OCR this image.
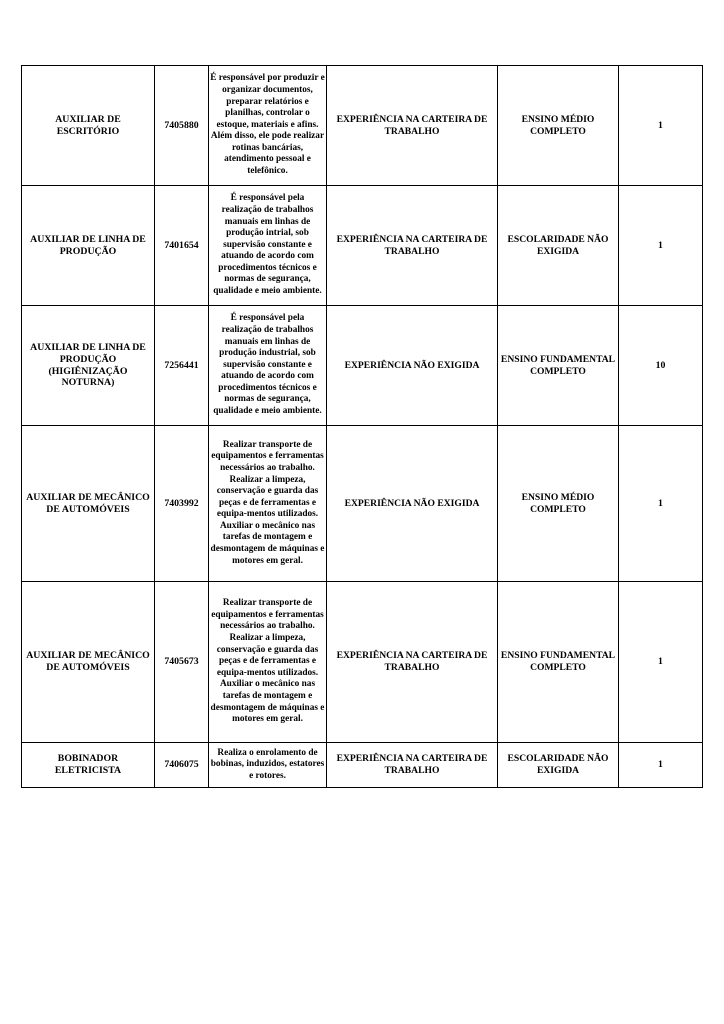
AUXILIAR DE ESCRITÓRIO	7405880	É responsável por produzir e organizar documentos, preparar relatórios e planilhas, controlar o estoque, materiais e afins. Além disso, ele pode realizar rotinas bancárias, atendimento pessoal e telefônico.	EXPERIÊNCIA NA CARTEIRA DE TRABALHO	ENSINO MÉDIO COMPLETO	1
AUXILIAR DE LINHA DE PRODUÇÃO	7401654	É responsável pela realização de trabalhos manuais em linhas de produção intrial, sob supervisão constante e atuando de acordo com procedimentos técnicos e normas de segurança, qualidade e meio ambiente.	EXPERIÊNCIA NA CARTEIRA DE TRABALHO	ESCOLARIDADE NÃO EXIGIDA	1
AUXILIAR DE LINHA DE PRODUÇÃO (HIGIÊNIZAÇÃO NOTURNA)	7256441	É responsável pela realização de trabalhos manuais em linhas de produção industrial, sob supervisão constante e atuando de acordo com procedimentos técnicos e normas de segurança, qualidade e meio ambiente.	EXPERIÊNCIA NÃO EXIGIDA	ENSINO FUNDAMENTAL COMPLETO	10
AUXILIAR DE MECÂNICO DE AUTOMÓVEIS	7403992	Realizar transporte de equipamentos e ferramentas necessários ao trabalho. Realizar a limpeza, conservação e guarda das peças e de ferramentas e equipa-mentos utilizados. Auxiliar o mecânico nas tarefas de montagem e desmontagem de máquinas e motores em geral.	EXPERIÊNCIA NÃO EXIGIDA	ENSINO MÉDIO COMPLETO	1
AUXILIAR DE MECÂNICO DE AUTOMÓVEIS	7405673	Realizar transporte de equipamentos e ferramentas necessários ao trabalho. Realizar a limpeza, conservação e guarda das peças e de ferramentas e equipa-mentos utilizados. Auxiliar o mecânico nas tarefas de montagem e desmontagem de máquinas e motores em geral.	EXPERIÊNCIA NA CARTEIRA DE TRABALHO	ENSINO FUNDAMENTAL COMPLETO	1
BOBINADOR ELETRICISTA	7406075	Realiza o enrolamento de bobinas, induzidos, estatores e rotores.	EXPERIÊNCIA NA CARTEIRA DE TRABALHO	ESCOLARIDADE NÃO EXIGIDA	1
